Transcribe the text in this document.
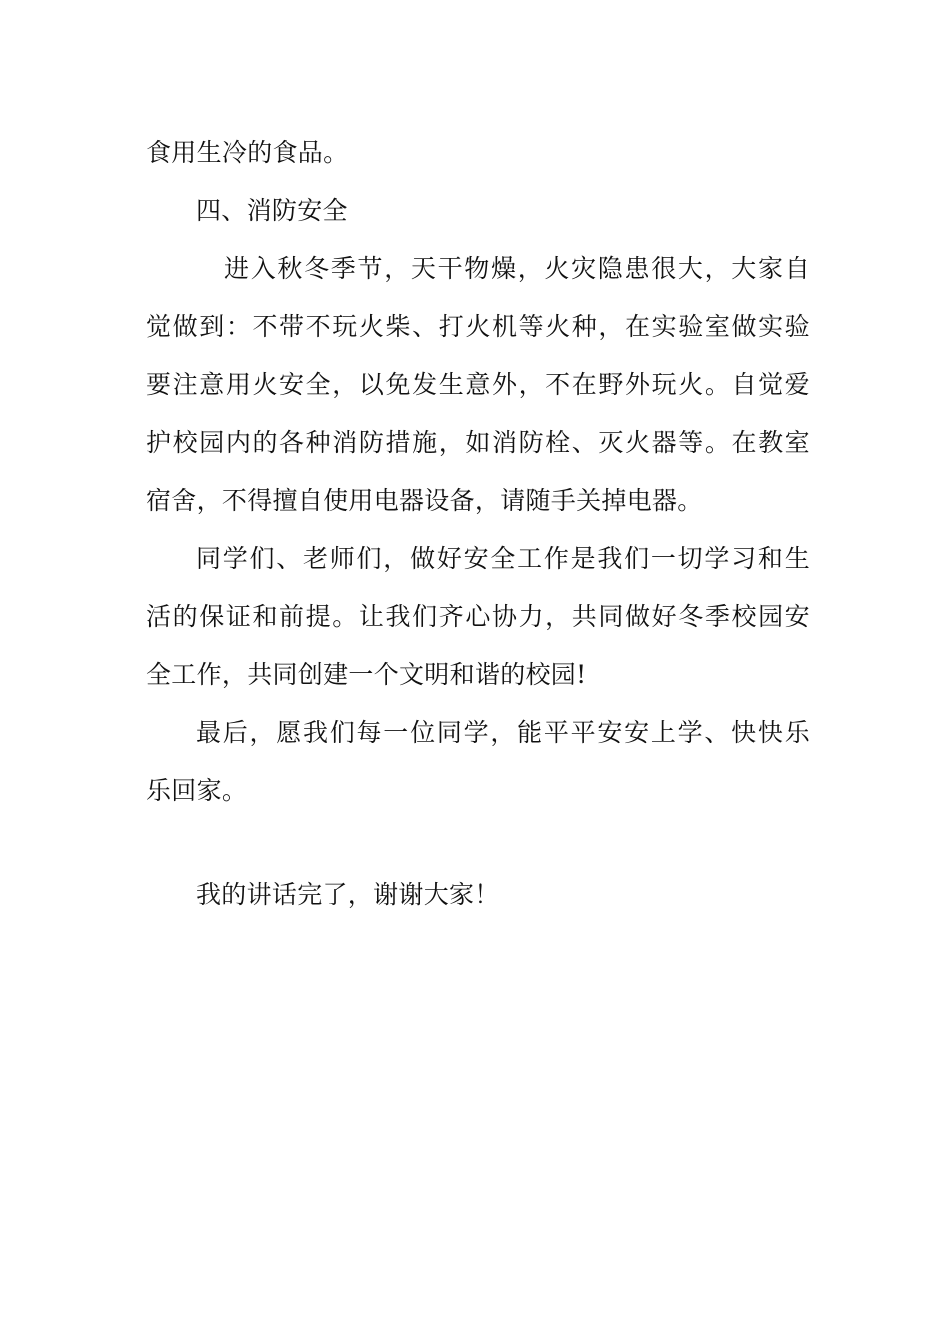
食用生冷的食品。
四、消防安全
进入秋冬季节，天干物燥，火灾隐患很大，大家自
觉做到：不带不玩火柴、打火机等火种，在实验室做实验
要注意用火安全，以免发生意外，不在野外玩火。自觉爱
护校园内的各种消防措施，如消防栓、灭火器等。在教室
宿舍，不得擅自使用电器设备，请随手关掉电器。
同学们、老师们，做好安全工作是我们一切学习和生
活的保证和前提。让我们齐心协力，共同做好冬季校园安
全工作，共同创建一个文明和谐的校园!
最后，愿我们每一位同学，能平平安安上学、快快乐
乐回家。
我的讲话完了，谢谢大家！
